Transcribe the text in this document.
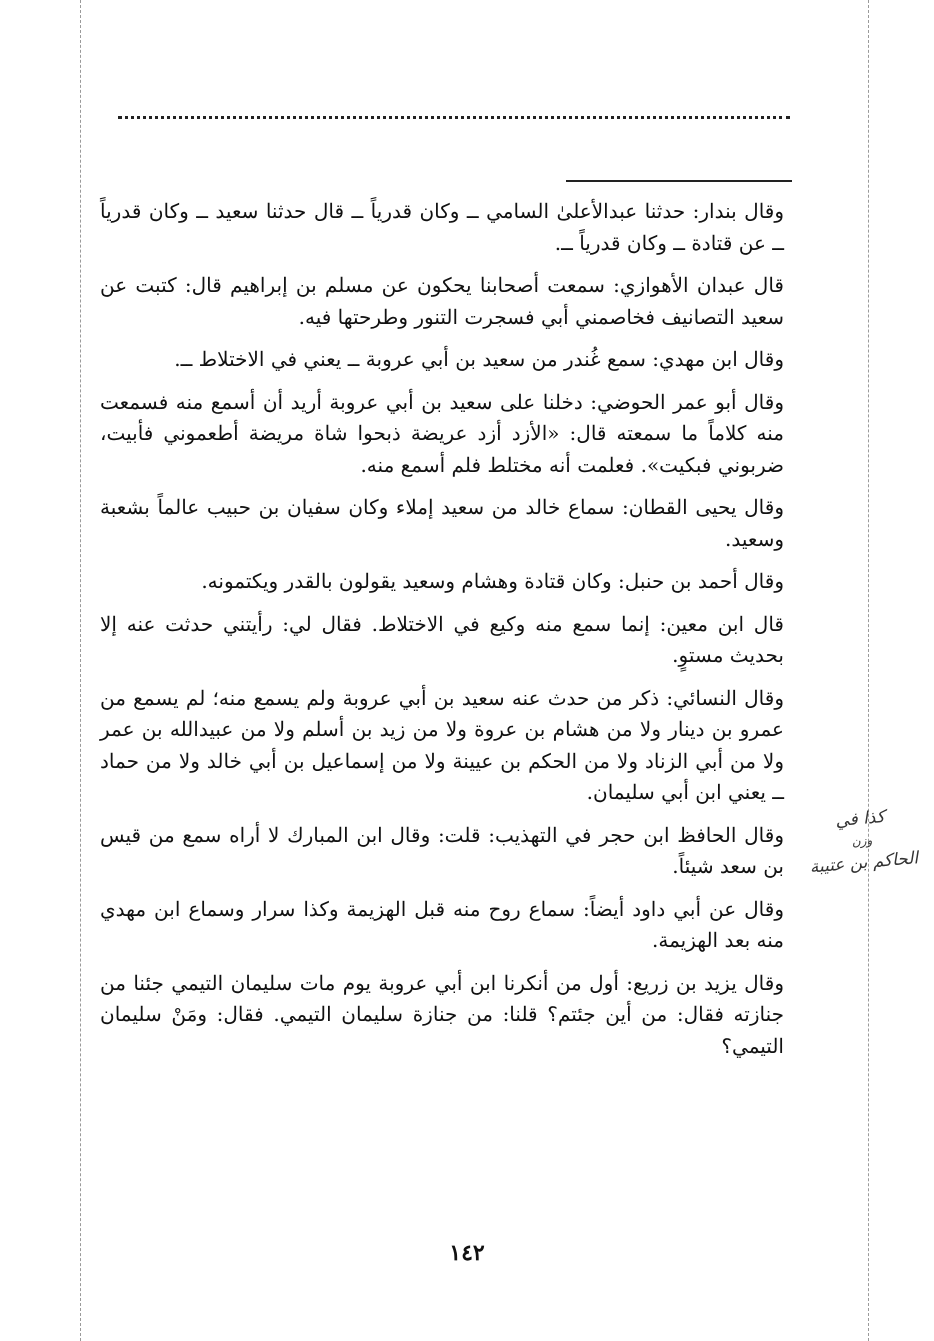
وقال بندار: حدثنا عبدالأعلىٰ السامي ــ وكان قدرياً ــ قال حدثنا سعيد ــ وكان قدرياً ــ عن قتادة ــ وكان قدرياً ــ.

قال عبدان الأهوازي: سمعت أصحابنا يحكون عن مسلم بن إبراهيم قال: كتبت عن سعيد التصانيف فخاصمني أبي فسجرت التنور وطرحتها فيه.

وقال ابن مهدي: سمع غُندر من سعيد بن أبي عروبة ــ يعني في الاختلاط ــ.

وقال أبو عمر الحوضي: دخلنا على سعيد بن أبي عروبة أريد أن أسمع منه فسمعت منه كلاماً ما سمعته قال: «الأزد أزد عريضة ذبحوا شاة مريضة أطعموني فأبيت، ضربوني فبكيت». فعلمت أنه مختلط فلم أسمع منه.

وقال يحيى القطان: سماع خالد من سعيد إملاء وكان سفيان بن حبيب عالماً بشعبة وسعيد.

وقال أحمد بن حنبل: وكان قتادة وهشام وسعيد يقولون بالقدر ويكتمونه.

قال ابن معين: إنما سمع منه وكيع في الاختلاط. فقال لي: رأيتني حدثت عنه إلا بحديث مستوٍ.

وقال النسائي: ذكر من حدث عنه سعيد بن أبي عروبة ولم يسمع منه؛ لم يسمع من عمرو بن دينار ولا من هشام بن عروة ولا من زيد بن أسلم ولا من عبيدالله بن عمر ولا من أبي الزناد ولا من الحكم بن عيينة ولا من إسماعيل بن أبي خالد ولا من حماد ــ يعني ابن أبي سليمان.

وقال الحافظ ابن حجر في التهذيب: قلت: وقال ابن المبارك لا أراه سمع من قيس بن سعد شيئاً.

وقال عن أبي داود أيضاً: سماع روح منه قبل الهزيمة وكذا سرار وسماع ابن مهدي منه بعد الهزيمة.

وقال يزيد بن زريع: أول من أنكرنا ابن أبي عروبة يوم مات سليمان التيمي جئنا من جنازته فقال: من أين جئتم؟ قلنا: من جنازة سليمان التيمي. فقال: ومَنْ سليمان التيمي؟

كذا في

وزن
الحاكم بن عتيبة
١٤٢
